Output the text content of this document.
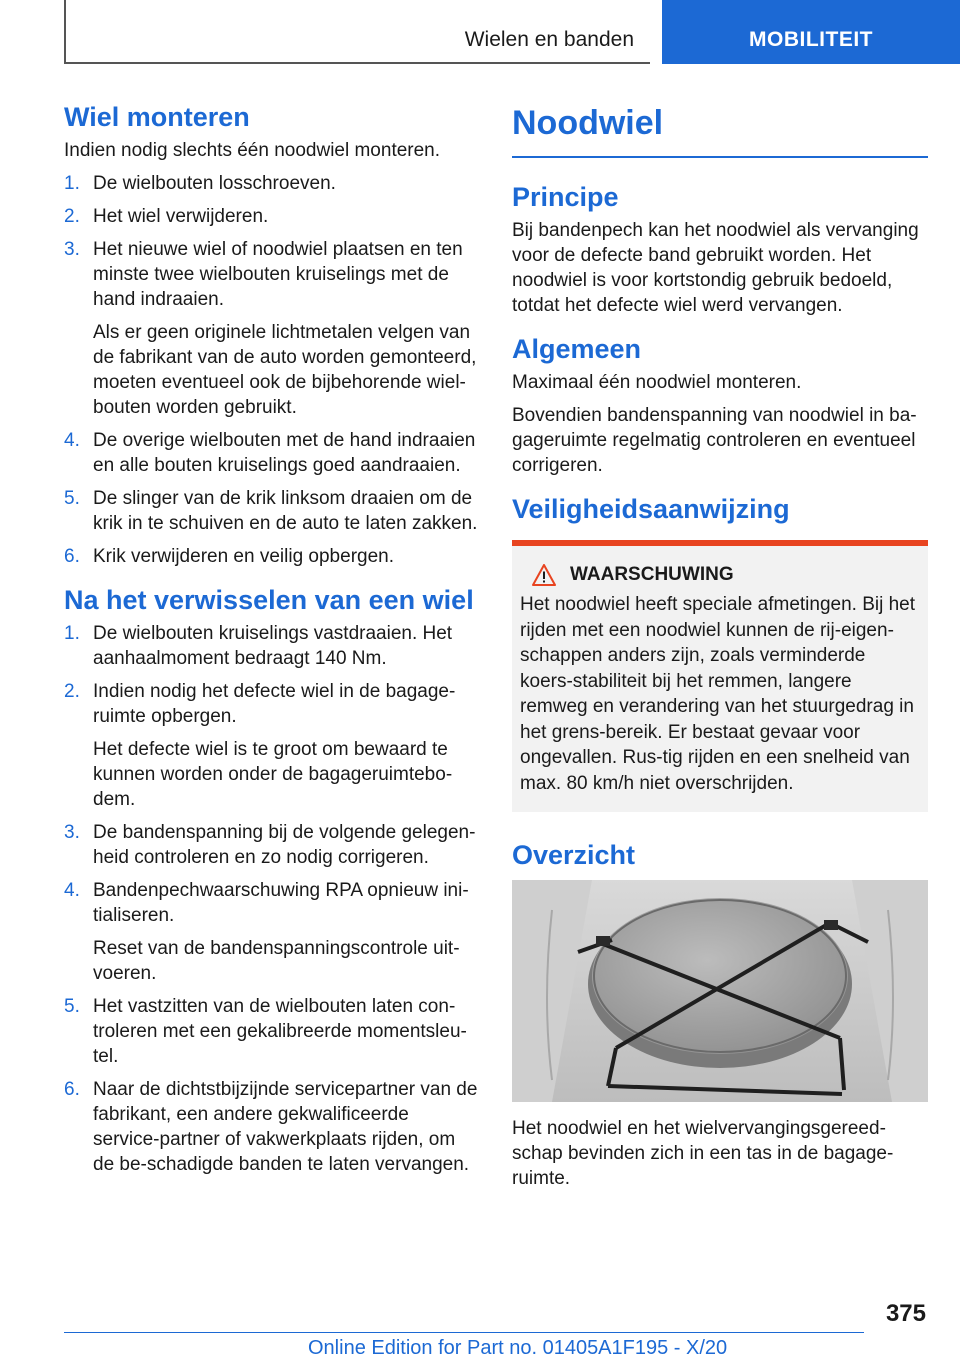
Wielen en banden	MOBILITEIT
Wiel monteren

Indien nodig slechts één noodwiel monteren.

1. De wielbouten losschroeven.

2. Het wiel verwijderen.

3. Het nieuwe wiel of noodwiel plaatsen en ten minste twee wielbouten kruiselings met de hand indraaien.

Als er geen originele lichtmetalen velgen van de fabrikant van de auto worden gemonteerd, moeten eventueel ook de bijbehorende wiel-bouten worden gebruikt.

4. De overige wielbouten met de hand indraaien en alle bouten kruiselings goed aandraaien.

5. De slinger van de krik linksom draaien om de krik in te schuiven en de auto te laten zakken.

6. Krik verwijderen en veilig opbergen.

Na het verwisselen van een wiel
1. De wielbouten kruiselings vastdraaien. Het aanhaalmoment bedraagt 140 Nm.

2. Indien nodig het defecte wiel in de bagage-ruimte opbergen.

Het defecte wiel is te groot om bewaard te kunnen worden onder de bagageruimtebo-dem.

3. De bandenspanning bij de volgende gelegen-heid controleren en zo nodig corrigeren.

4. Bandenpechwaarschuwing RPA opnieuw ini-tialiseren.

Reset van de bandenspanningscontrole uit-voeren.

5. Het vastzitten van de wielbouten laten con-troleren met een gekalibreerde momentsleu-tel.

6. Naar de dichtstbijzijnde servicepartner van de fabrikant, een andere gekwalificeerde service-partner of vakwerkplaats rijden, om de be-schadigde banden te laten vervangen.

Noodwiel
Principe

Bij bandenpech kan het noodwiel als vervanging voor de defecte band gebruikt worden. Het noodwiel is voor kortstondig gebruik bedoeld, totdat het defecte wiel werd vervangen.

Algemeen

Maximaal één noodwiel monteren.

Bovendien bandenspanning van noodwiel in ba-gageruimte regelmatig controleren en eventueel corrigeren.

Veiligheidsaanwijzing
WAARSCHUWING

Het noodwiel heeft speciale afmetingen. Bij het rijden met een noodwiel kunnen de rij-eigen-schappen anders zijn, zoals verminderde koers-stabiliteit bij het remmen, langere remweg en verandering van het stuurgedrag in het grens-bereik. Er bestaat gevaar voor ongevallen. Rus-tig rijden en een snelheid van max. 80 km/h niet overschrijden.

Overzicht

Het noodwiel en het wielvervangingsgereed-schap bevinden zich in een tas in de bagage-ruimte.

375
Online Edition for Part no. 01405A1F195 - X/20
